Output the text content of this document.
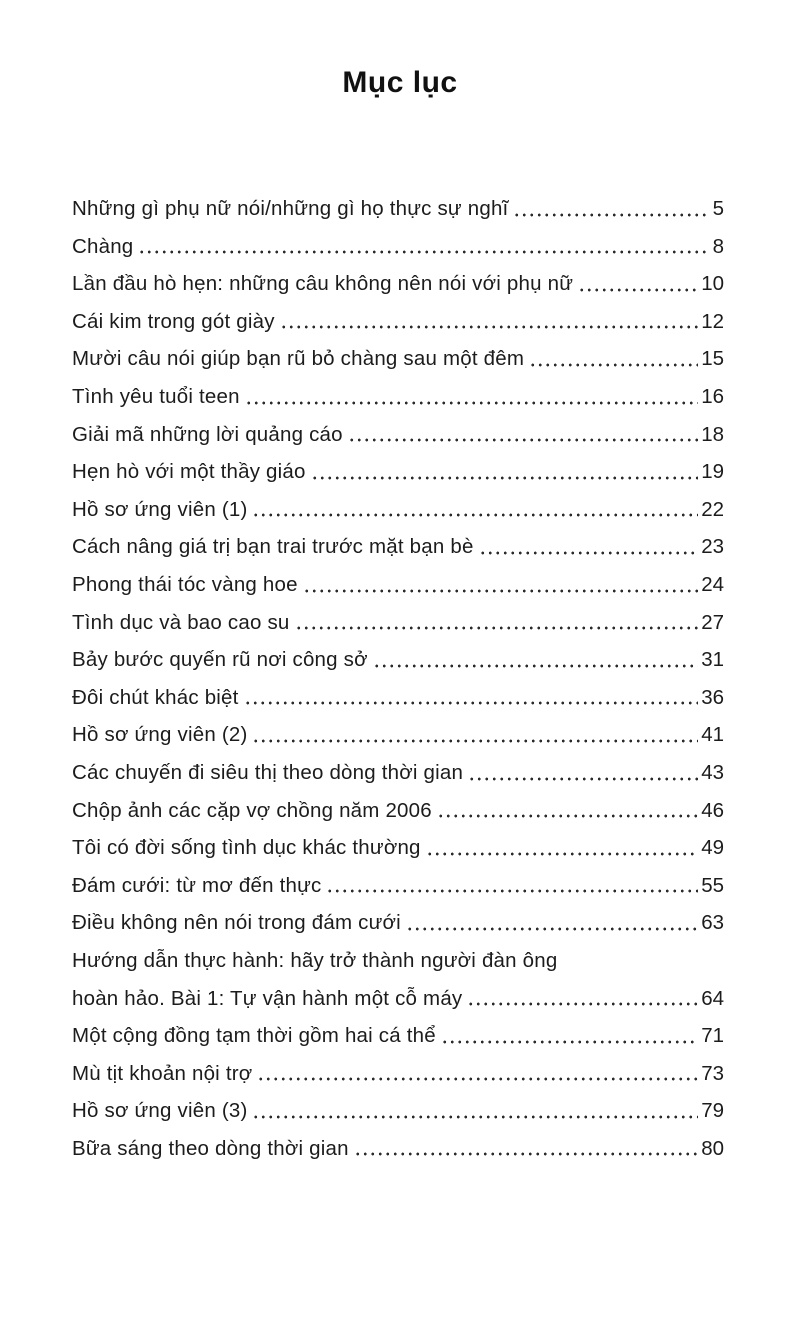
Mục lục
Những gì phụ nữ nói/những gì họ thực sự nghĩ	5
Chàng	8
Lần đầu hò hẹn: những câu không nên nói với phụ nữ	10
Cái kim trong gót giày	12
Mười câu nói giúp bạn rũ bỏ chàng sau một đêm	15
Tình yêu tuổi teen	16
Giải mã những lời quảng cáo	18
Hẹn hò với một thầy giáo	19
Hồ sơ ứng viên (1)	22
Cách nâng giá trị bạn trai trước mặt bạn bè	23
Phong thái tóc vàng hoe	24
Tình dục và bao cao su	27
Bảy bước quyến rũ nơi công sở	31
Đôi chút khác biệt	36
Hồ sơ ứng viên (2)	41
Các chuyến đi siêu thị theo dòng thời gian	43
Chộp ảnh các cặp vợ chồng năm 2006	46
Tôi có đời sống tình dục khác thường	49
Đám cưới: từ mơ đến thực	55
Điều không nên nói trong đám cưới	63
Hướng dẫn thực hành: hãy trở thành người đàn ông
hoàn hảo. Bài 1: Tự vận hành một cỗ máy	64
Một cộng đồng tạm thời gồm hai cá thể	71
Mù tịt khoản nội trợ	73
Hồ sơ ứng viên (3)	79
Bữa sáng theo dòng thời gian	80
